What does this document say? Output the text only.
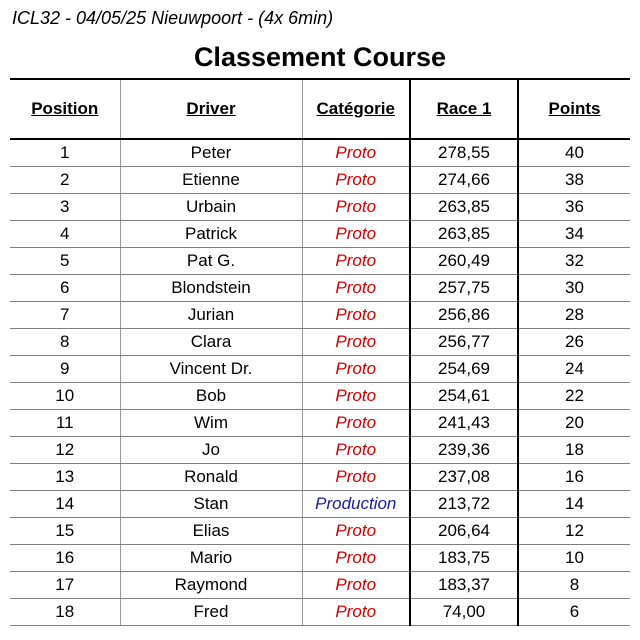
ICL32 - 04/05/25 Nieuwpoort - (4x 6min)
Classement Course
Position	Driver	Catégorie	Race 1	Points
1	Peter	Proto	278,55	40
2	Etienne	Proto	274,66	38
3	Urbain	Proto	263,85	36
4	Patrick	Proto	263,85	34
5	Pat G.	Proto	260,49	32
6	Blondstein	Proto	257,75	30
7	Jurian	Proto	256,86	28
8	Clara	Proto	256,77	26
9	Vincent Dr.	Proto	254,69	24
10	Bob	Proto	254,61	22
11	Wim	Proto	241,43	20
12	Jo	Proto	239,36	18
13	Ronald	Proto	237,08	16
14	Stan	Production	213,72	14
15	Elias	Proto	206,64	12
16	Mario	Proto	183,75	10
17	Raymond	Proto	183,37	8
18	Fred	Proto	74,00	6
